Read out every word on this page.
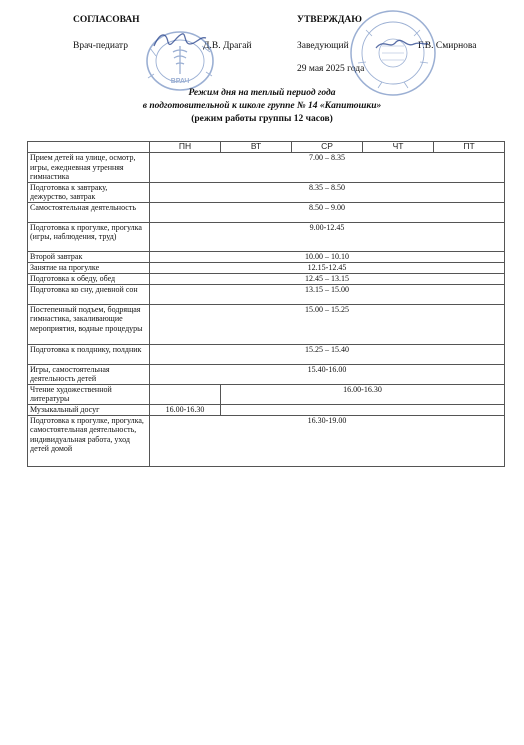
СОГЛАСОВАН
Врач-педиатр	Д.В. Драгай
УТВЕРЖДАЮ
Заведующий	Г.В. Смирнова
29 мая 2025 года
ВРАЧ
Режим дня на теплый период года
в подготовительной к школе группе № 14 «Капитошки»
(режим работы группы 12 часов)
	ПН	ВТ	СР	ЧТ	ПТ
Прием детей на улице, осмотр, игры, ежедневная утренняя гимнастика	7.00 – 8.35				
Подготовка к завтраку, дежурство, завтрак	8.35 – 8.50				
Самостоятельная деятельность	8.50 – 9.00				
Подготовка к прогулке, прогулка (игры, наблюдения, труд)	9.00-12.45				
Второй завтрак	10.00 – 10.10				
Занятие на прогулке	12.15-12.45				
Подготовка к обеду, обед	12.45 – 13.15				
Подготовка ко сну, дневной сон	13.15 – 15.00				
Постепенный подъем, бодрящая гимнастика, закаливающие мероприятия, водные процедуры	15.00 – 15.25				
Подготовка к полднику, полдник	15.25 – 15.40				
Игры, самостоятельная деятельность детей	15.40-16.00				
Чтение художественной литературы		16.00-16.30			
Музыкальный досуг	16.00-16.30				
Подготовка к прогулке, прогулка, самостоятельная деятельность, индивидуальная работа, уход детей домой	16.30-19.00				
